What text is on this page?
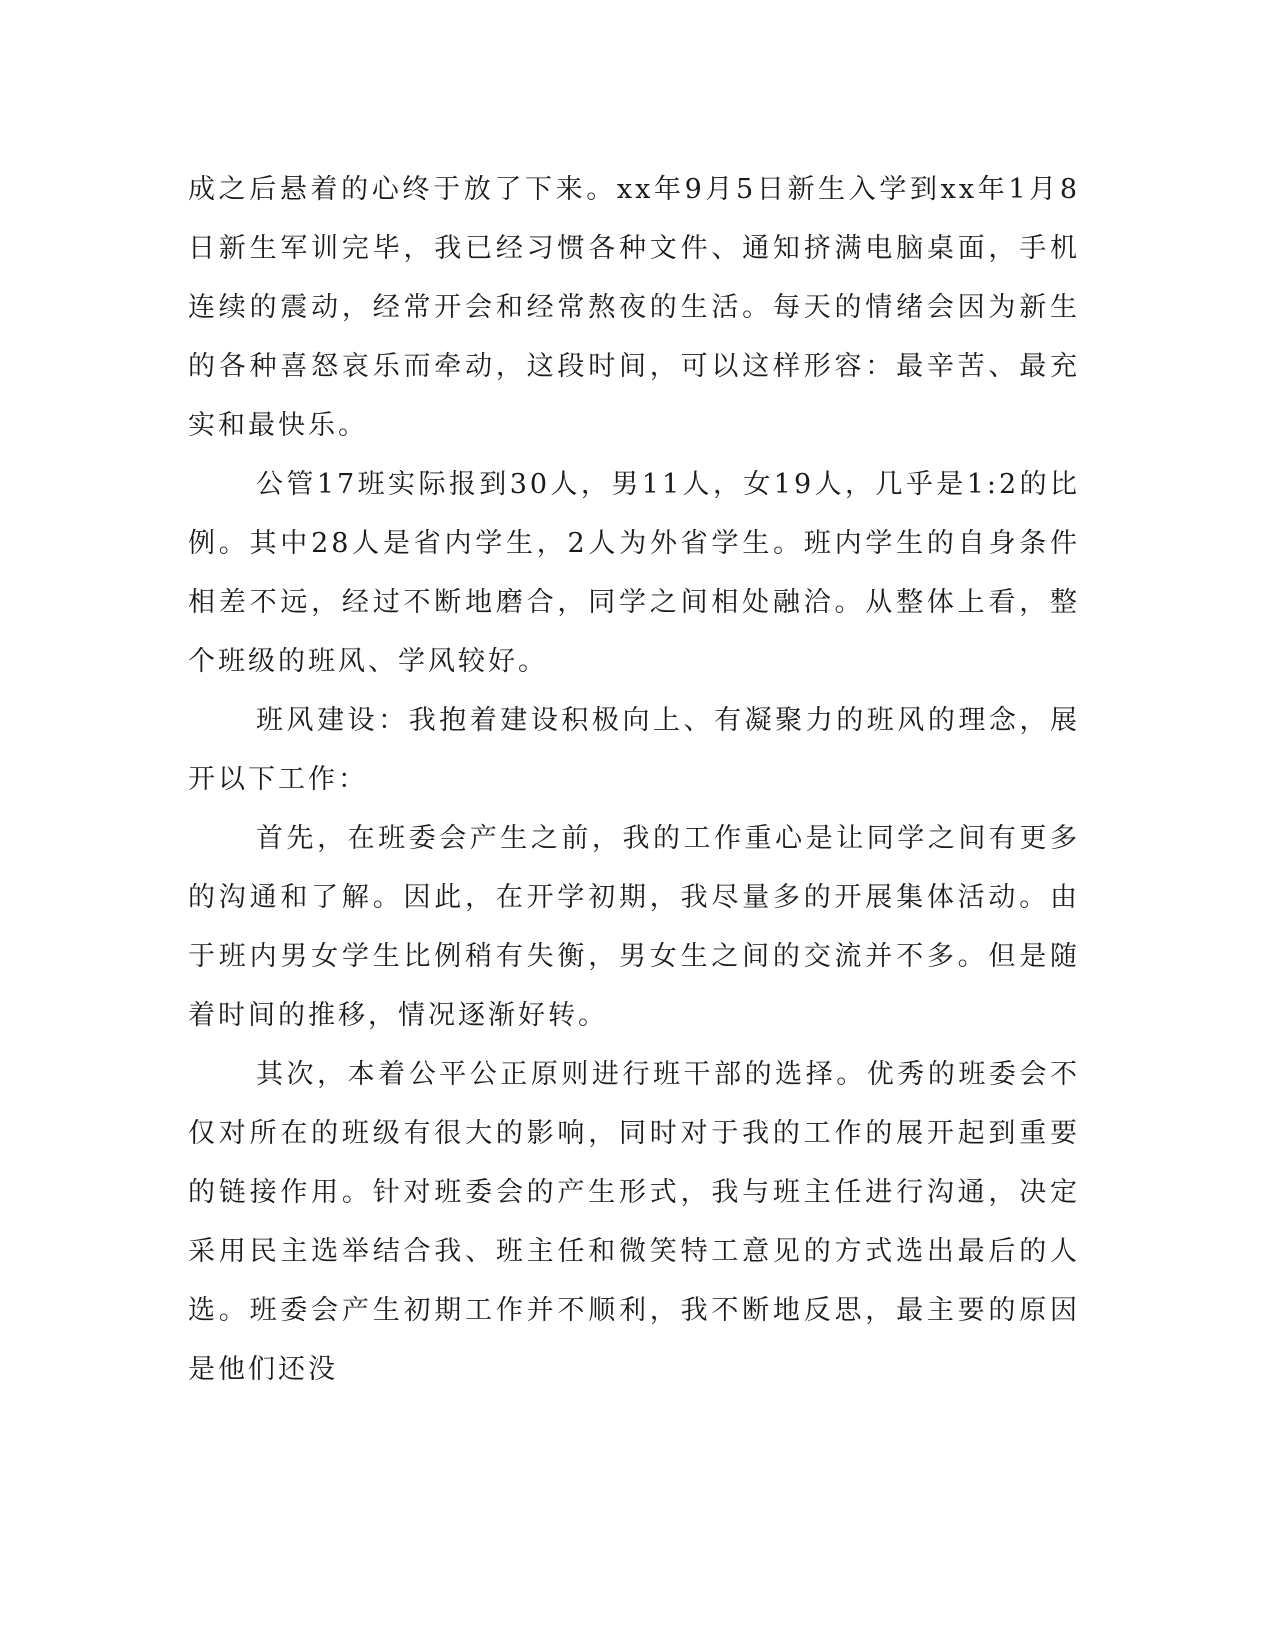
成之后悬着的心终于放了下来。xx年9月5日新生入学到xx年1月8日新生军训完毕，我已经习惯各种文件、通知挤满电脑桌面，手机连续的震动，经常开会和经常熬夜的生活。每天的情绪会因为新生的各种喜怒哀乐而牵动，这段时间，可以这样形容：最辛苦、最充实和最快乐。

公管17班实际报到30人，男11人，女19人，几乎是1:2的比例。其中28人是省内学生，2人为外省学生。班内学生的自身条件相差不远，经过不断地磨合，同学之间相处融洽。从整体上看，整个班级的班风、学风较好。

班风建设：我抱着建设积极向上、有凝聚力的班风的理念，展开以下工作：

首先，在班委会产生之前，我的工作重心是让同学之间有更多的沟通和了解。因此，在开学初期，我尽量多的开展集体活动。由于班内男女学生比例稍有失衡，男女生之间的交流并不多。但是随着时间的推移，情况逐渐好转。

其次，本着公平公正原则进行班干部的选择。优秀的班委会不仅对所在的班级有很大的影响，同时对于我的工作的展开起到重要的链接作用。针对班委会的产生形式，我与班主任进行沟通，决定采用民主选举结合我、班主任和微笑特工意见的方式选出最后的人选。班委会产生初期工作并不顺利，我不断地反思，最主要的原因是他们还没
